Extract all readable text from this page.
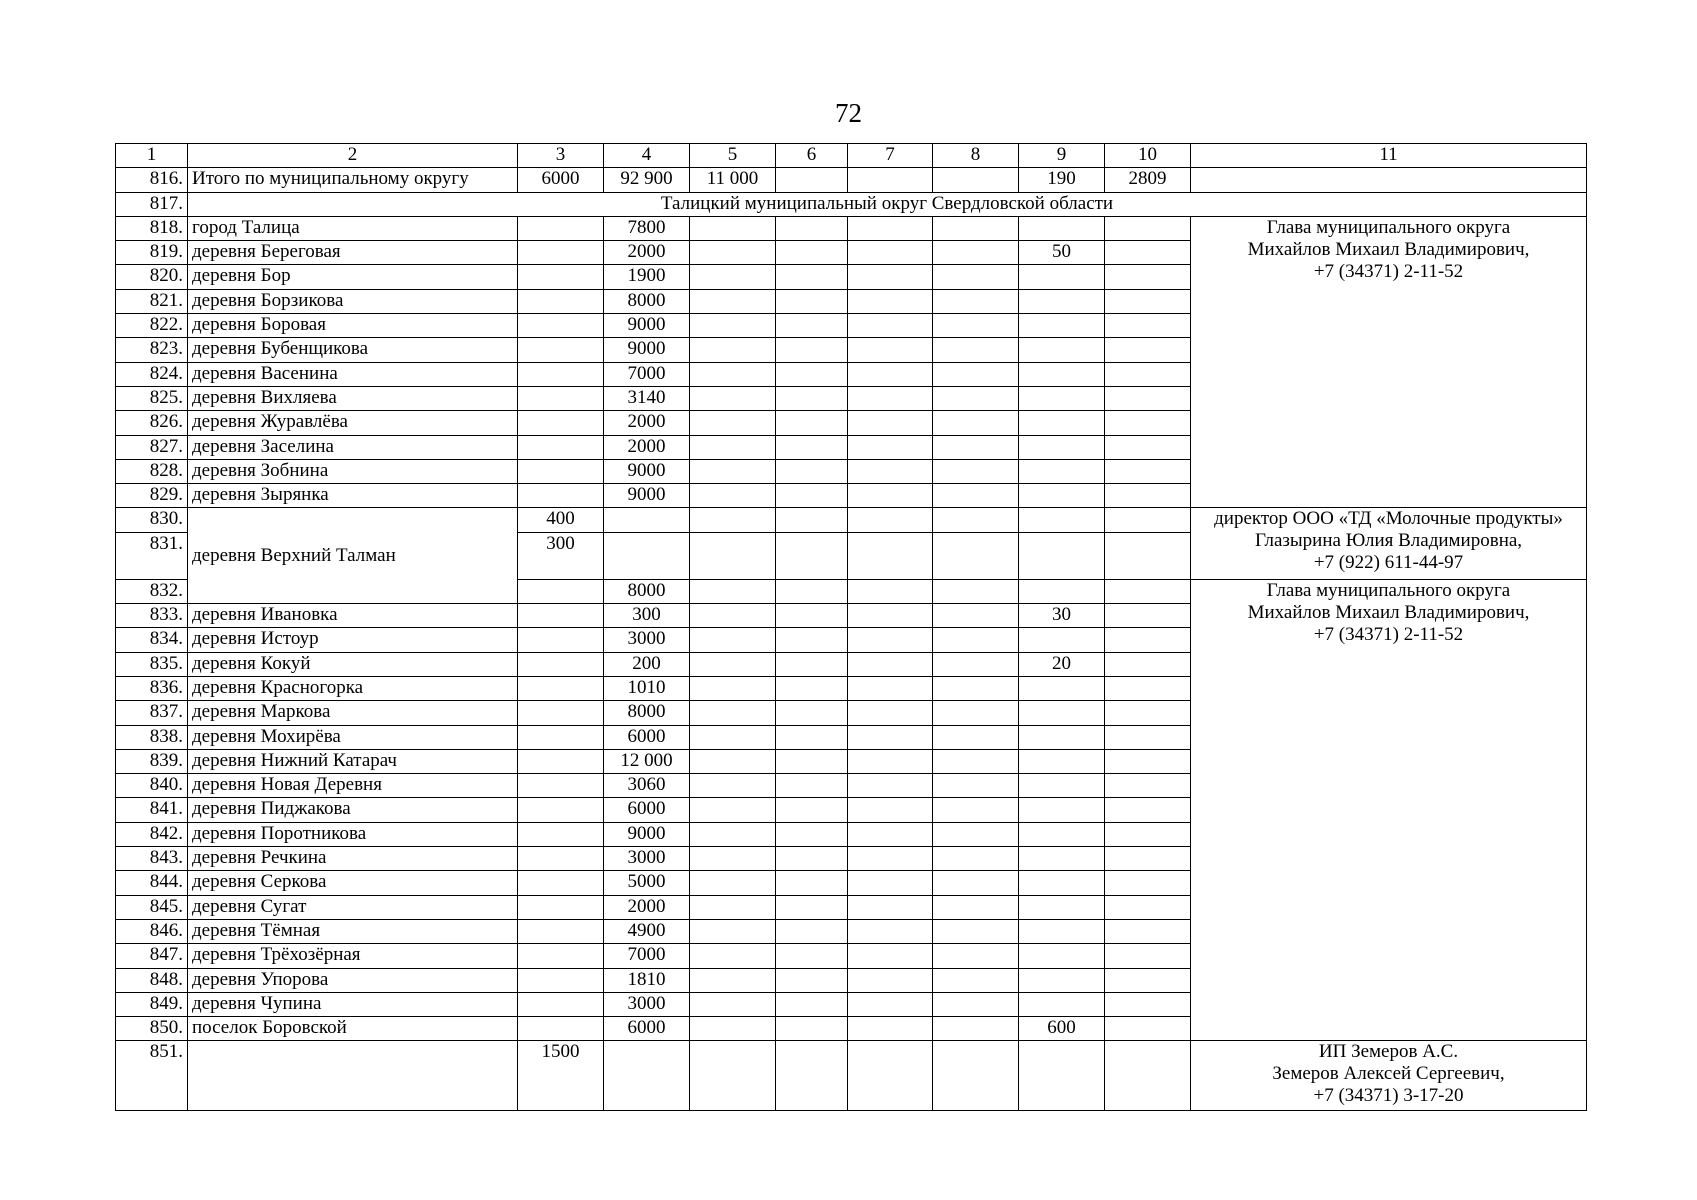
72
1	2	3	4	5	6	7	8	9	10	11
816.	Итого по муниципальному округу	6000	92 900	11 000				190	2809	
817.	Талицкий муниципальный округ Свердловской области									
818.	город Талица		7800							Глава муниципального округа
Михайлов Михаил Владимирович,
+7 (34371) 2-11-52
819.	деревня Береговая		2000					50		
820.	деревня Бор		1900							
821.	деревня Борзикова		8000							
822.	деревня Боровая		9000							
823.	деревня Бубенщикова		9000							
824.	деревня Васенина		7000							
825.	деревня Вихляева		3140							
826.	деревня Журавлёва		2000							
827.	деревня Заселина		2000							
828.	деревня Зобнина		9000							
829.	деревня Зырянка		9000							
830.	деревня Верхний Талман	400								директор ООО «ТД «Молочные продукты»
Глазырина Юлия Владимировна,
+7 (922) 611-44-97
831.		300								
832.			8000							Глава муниципального округа
Михайлов Михаил Владимирович,
+7 (34371) 2-11-52
833.	деревня Ивановка		300					30		
834.	деревня Истоур		3000							
835.	деревня Кокуй		200					20		
836.	деревня Красногорка		1010							
837.	деревня Маркова		8000							
838.	деревня Мохирёва		6000							
839.	деревня Нижний Катарач		12 000							
840.	деревня Новая Деревня		3060							
841.	деревня Пиджакова		6000							
842.	деревня Поротникова		9000							
843.	деревня Речкина		3000							
844.	деревня Серкова		5000							
845.	деревня Сугат		2000							
846.	деревня Тёмная		4900							
847.	деревня Трёхозёрная		7000							
848.	деревня Упорова		1810							
849.	деревня Чупина		3000							
850.	поселок Боровской		6000					600		
851.		1500								ИП Земеров А.С.
Земеров Алексей Сергеевич,
+7 (34371) 3-17-20
